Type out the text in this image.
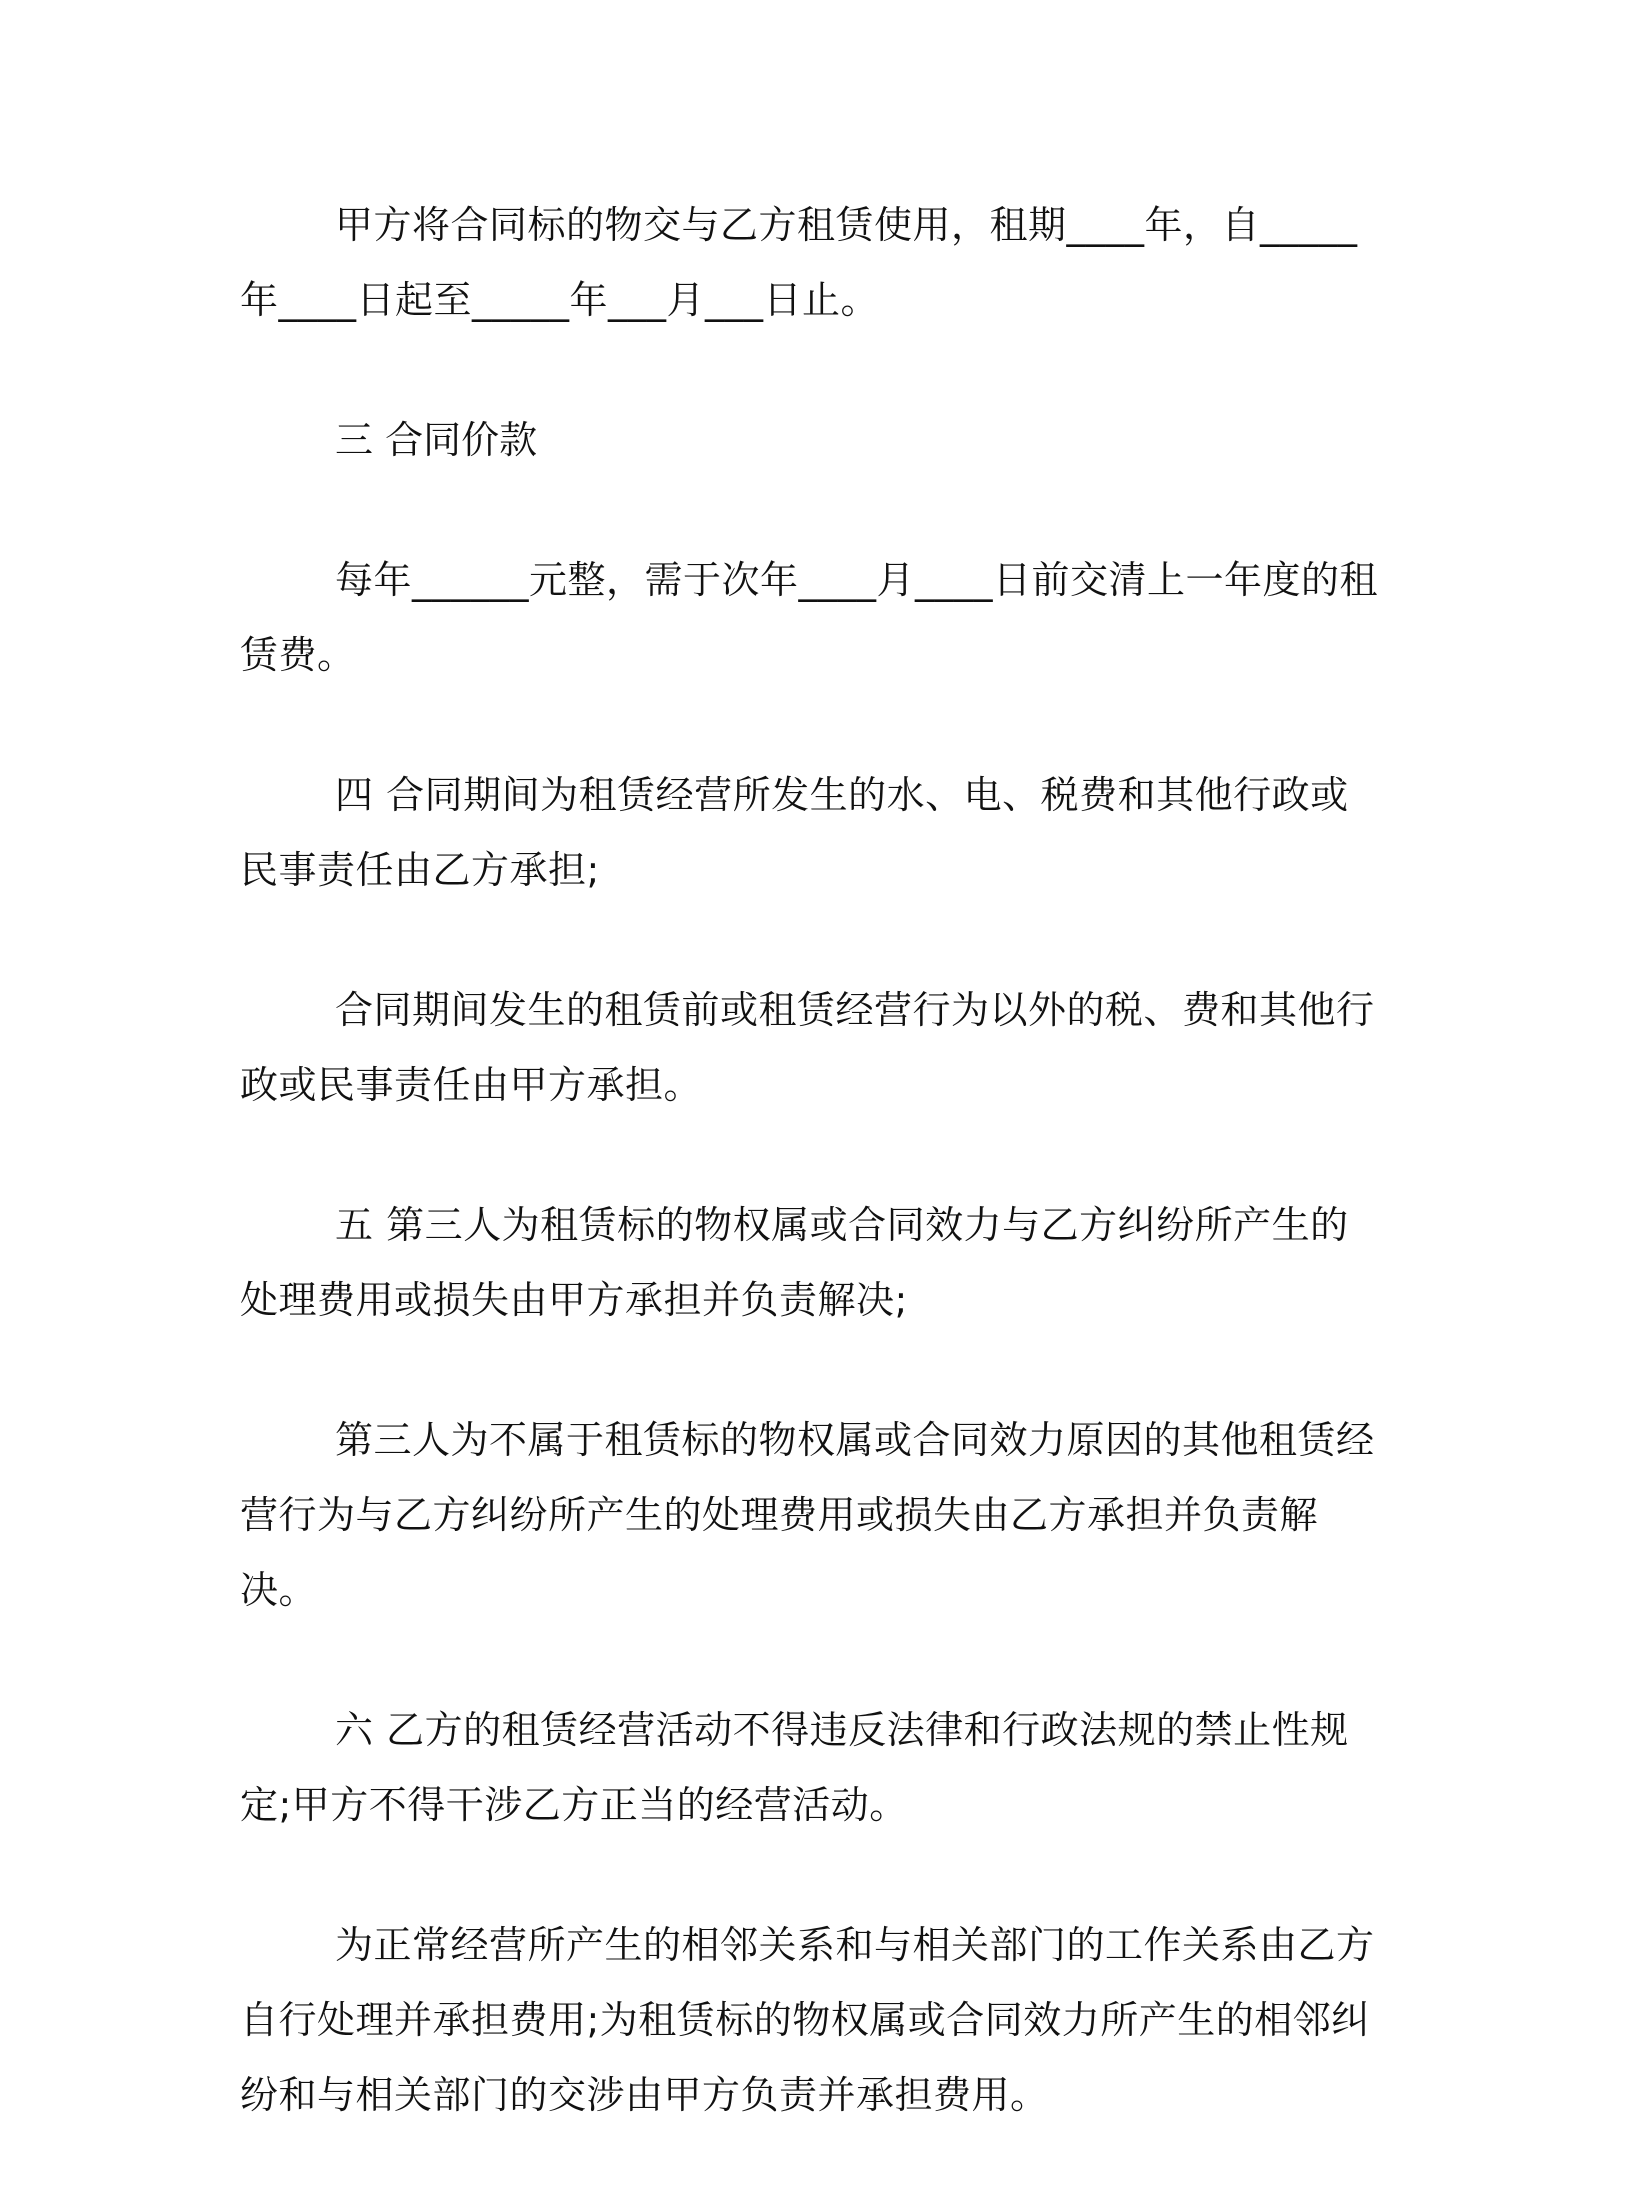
甲方将合同标的物交与乙方租赁使用，租期____年，自_____年____日起至_____年___月___日止。

三 合同价款

每年______元整，需于次年____月____日前交清上一年度的租赁费。

四 合同期间为租赁经营所发生的水、电、税费和其他行政或民事责任由乙方承担;

合同期间发生的租赁前或租赁经营行为以外的税、费和其他行政或民事责任由甲方承担。

五 第三人为租赁标的物权属或合同效力与乙方纠纷所产生的处理费用或损失由甲方承担并负责解决;

第三人为不属于租赁标的物权属或合同效力原因的其他租赁经营行为与乙方纠纷所产生的处理费用或损失由乙方承担并负责解决。

六 乙方的租赁经营活动不得违反法律和行政法规的禁止性规定;甲方不得干涉乙方正当的经营活动。

为正常经营所产生的相邻关系和与相关部门的工作关系由乙方自行处理并承担费用;为租赁标的物权属或合同效力所产生的相邻纠纷和与相关部门的交涉由甲方负责并承担费用。
